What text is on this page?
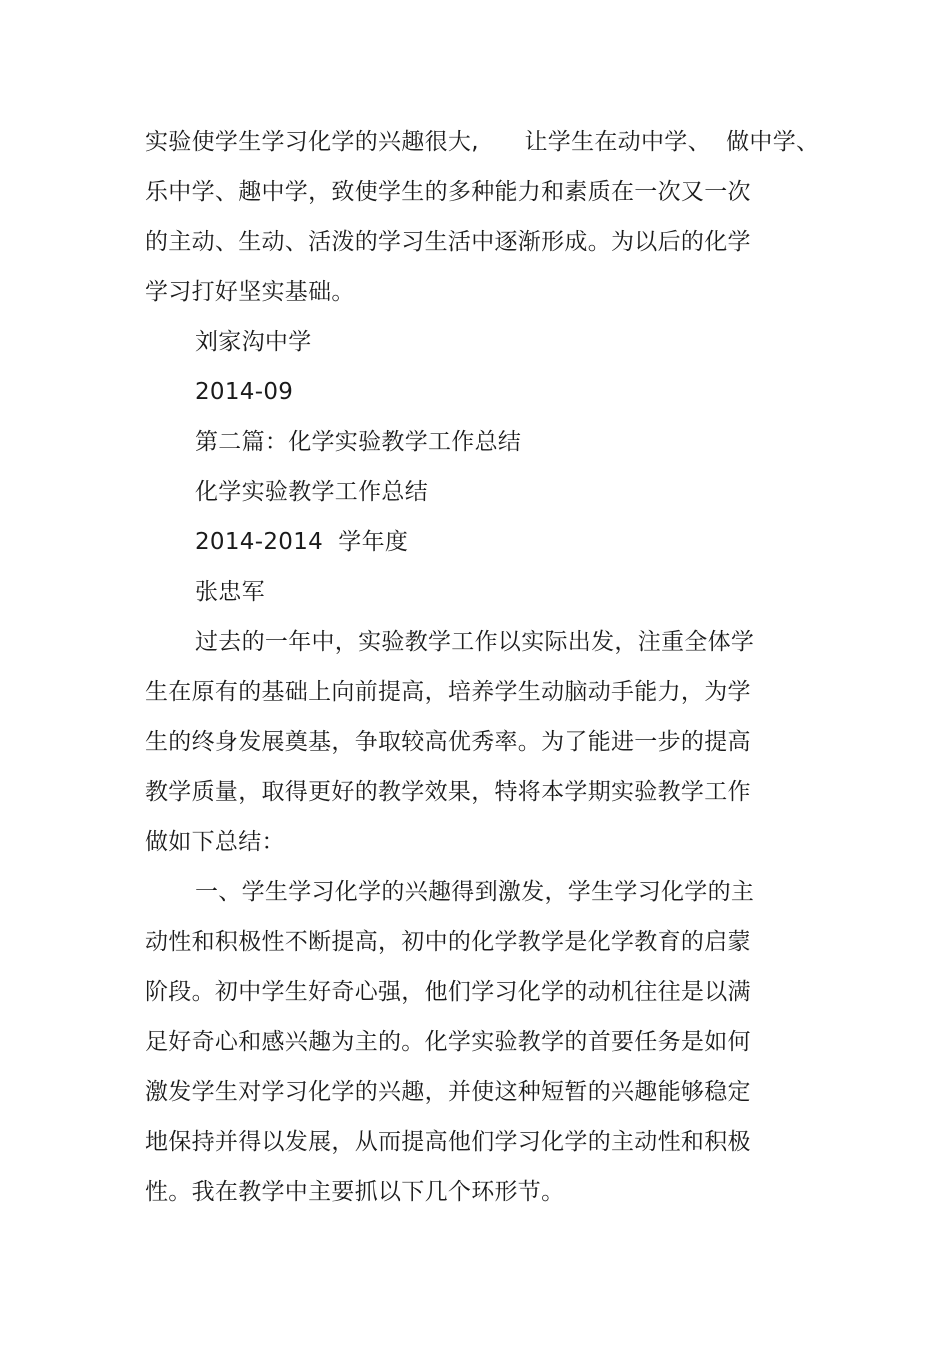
实验使学生学习化学的兴趣很大,      让学生在动中学、  做中学、
乐中学、趣中学，致使学生的多种能力和素质在一次又一次
的主动、生动、活泼的学习生活中逐渐形成。为以后的化学
学习打好坚实基础。
刘家沟中学
2014-09
第二篇：化学实验教学工作总结
化学实验教学工作总结
2014-2014  学年度
张忠军
过去的一年中，实验教学工作以实际出发，注重全体学
生在原有的基础上向前提高，培养学生动脑动手能力，为学
生的终身发展奠基，争取较高优秀率。为了能进一步的提高
教学质量，取得更好的教学效果，特将本学期实验教学工作
做如下总结：
一、学生学习化学的兴趣得到激发，学生学习化学的主
动性和积极性不断提高，初中的化学教学是化学教育的启蒙
阶段。初中学生好奇心强，他们学习化学的动机往往是以满
足好奇心和感兴趣为主的。化学实验教学的首要任务是如何
激发学生对学习化学的兴趣，并使这种短暂的兴趣能够稳定
地保持并得以发展，从而提高他们学习化学的主动性和积极
性。我在教学中主要抓以下几个环形节。
